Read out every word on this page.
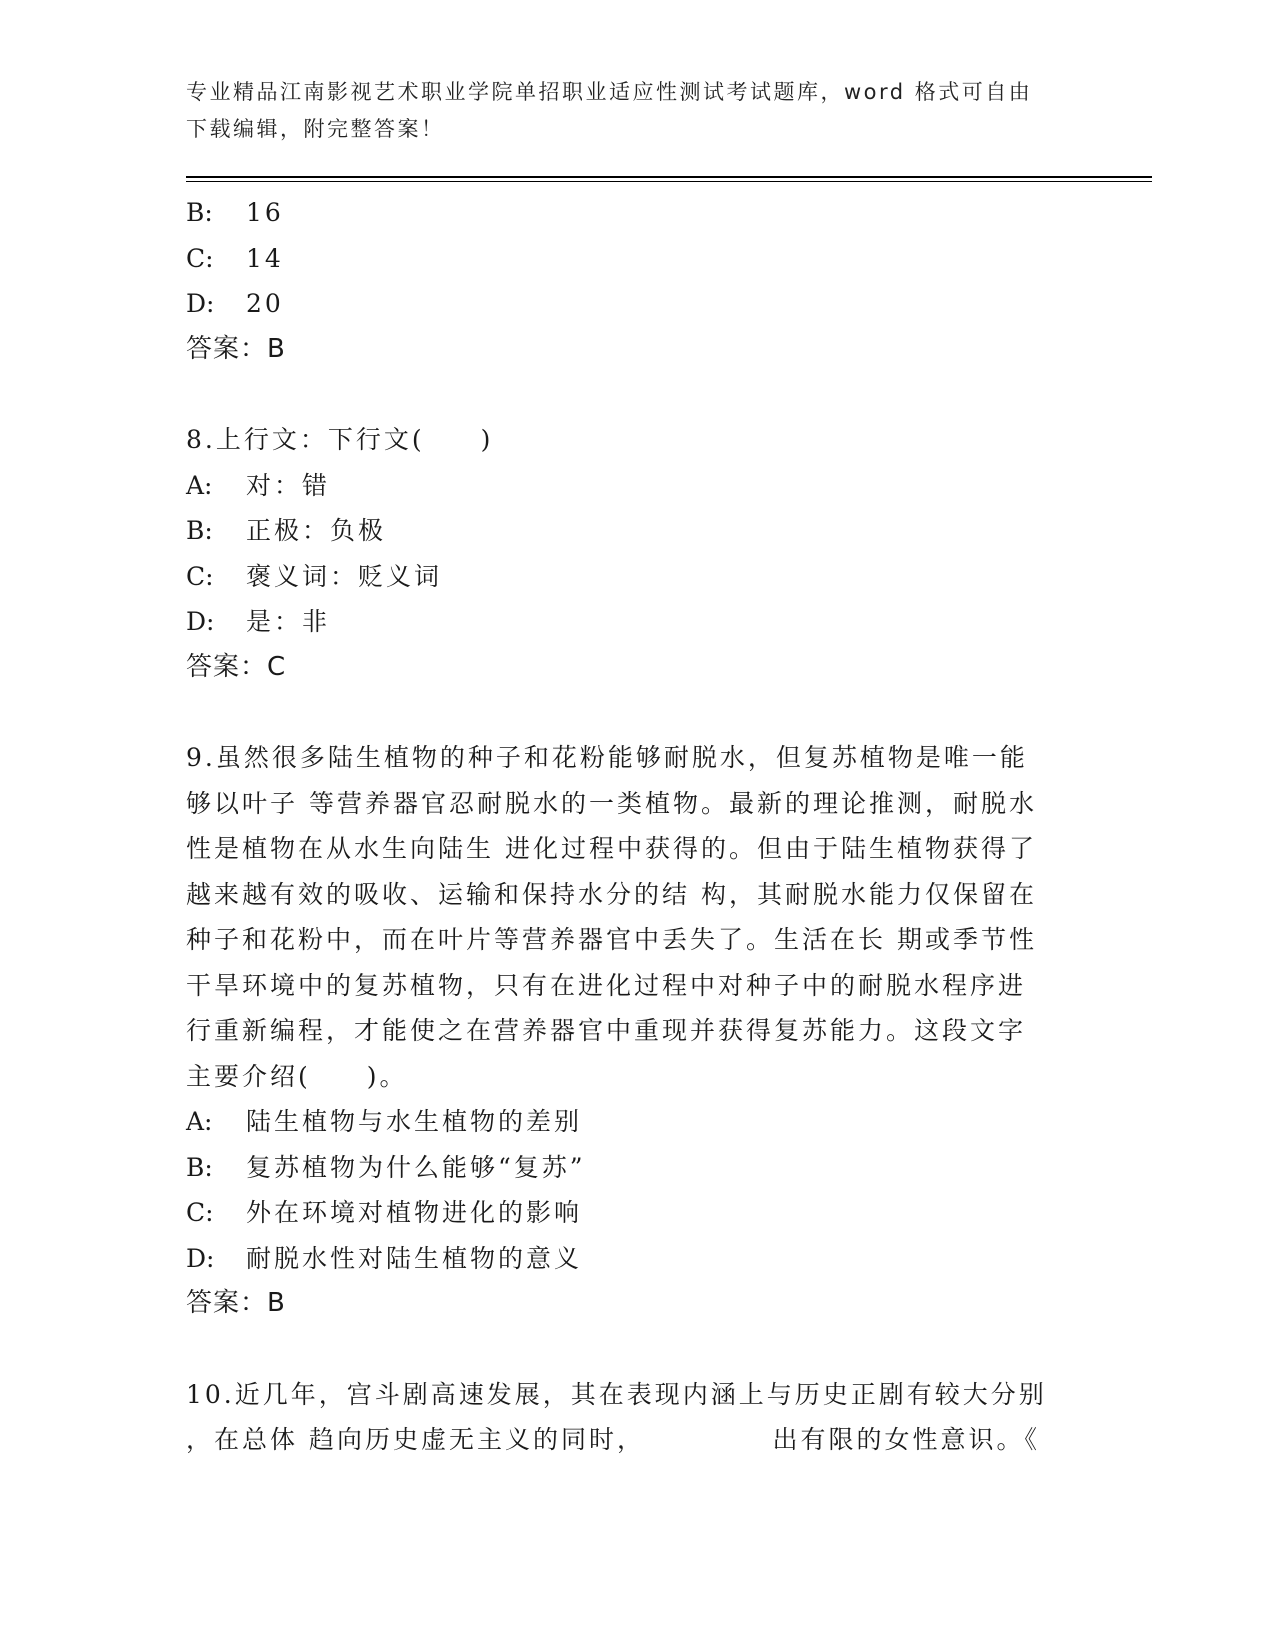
专业精品江南影视艺术职业学院单招职业适应性测试考试题库，word 格式可自由
下载编辑，附完整答案！
B:	16
C:	14
D:	20
答案：B
8.上行文：下行文(　　)
A:	对：错
B:	正极：负极
C:	褒义词：贬义词
D:	是：非
答案：C
9.虽然很多陆生植物的种子和花粉能够耐脱水，但复苏植物是唯一能
够以叶子 等营养器官忍耐脱水的一类植物。最新的理论推测，耐脱水
性是植物在从水生向陆生 进化过程中获得的。但由于陆生植物获得了
越来越有效的吸收、运输和保持水分的结 构，其耐脱水能力仅保留在
种子和花粉中，而在叶片等营养器官中丢失了。生活在长 期或季节性
干旱环境中的复苏植物，只有在进化过程中对种子中的耐脱水程序进
行重新编程，才能使之在营养器官中重现并获得复苏能力。这段文字
主要介绍(　　)。
A:	陆生植物与水生植物的差别
B:	复苏植物为什么能够“复苏”
C:	外在环境对植物进化的影响
D:	耐脱水性对陆生植物的意义
答案：B
10.近几年，宫斗剧高速发展，其在表现内涵上与历史正剧有较大分别
，在总体 趋向历史虚无主义的同时，　　　　　出有限的女性意识。《
